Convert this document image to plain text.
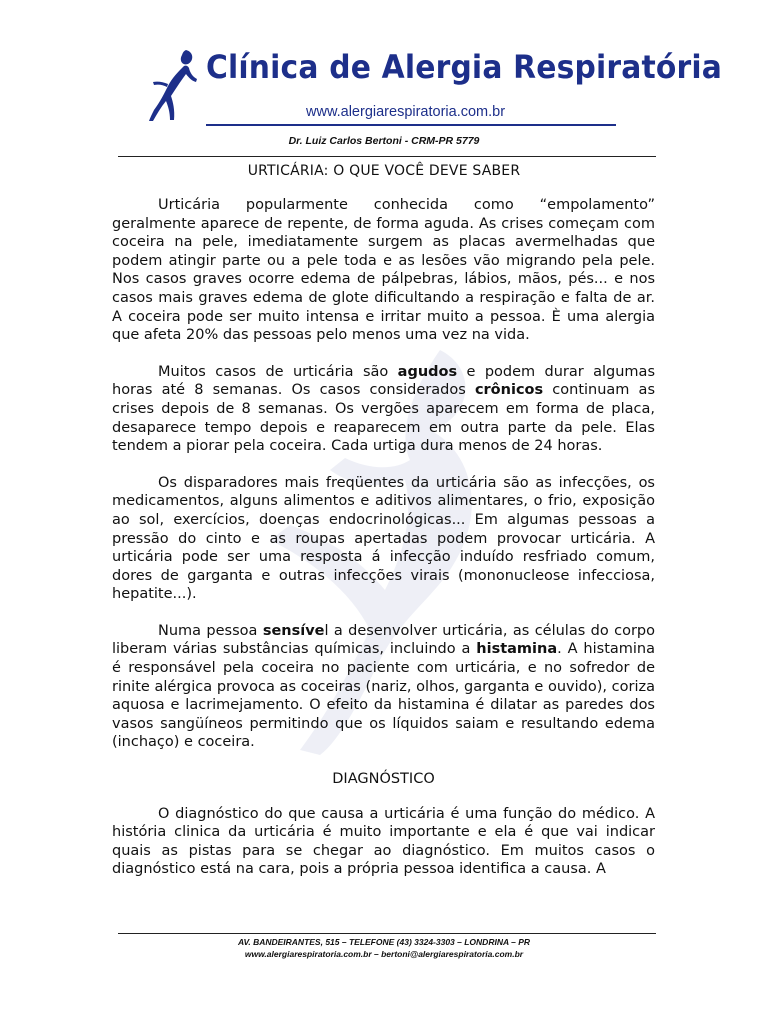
Clínica de Alergia Respiratória
www.alergiarespiratoria.com.br
Dr. Luiz Carlos Bertoni - CRM-PR 5779
URTICÁRIA: O QUE VOCÊ DEVE SABER

Urticária popularmente conhecida como “empolamento” geralmente aparece de repente, de forma aguda. As crises começam com coceira na pele, imediatamente surgem as placas avermelhadas que podem atingir parte ou a pele toda e as lesões vão migrando pela pele. Nos casos graves ocorre edema de pálpebras, lábios, mãos, pés... e nos casos mais graves edema de glote dificultando a respiração e falta de ar. A coceira pode ser muito intensa e irritar muito a pessoa. È uma alergia que afeta 20% das pessoas pelo menos uma vez na vida.

Muitos casos de urticária são agudos e podem durar algumas horas até 8 semanas. Os casos considerados crônicos continuam as crises depois de 8 semanas. Os vergões aparecem em forma de placa, desaparece tempo depois e reaparecem em outra parte da pele. Elas tendem a piorar pela coceira. Cada urtiga dura menos de 24 horas.

Os disparadores mais freqüentes da urticária são as infecções, os medicamentos, alguns alimentos e aditivos alimentares, o frio, exposição ao sol, exercícios, doenças endocrinológicas... Em algumas pessoas a pressão do cinto e as roupas apertadas podem provocar urticária. A urticária pode ser uma resposta á infecção induído resfriado comum, dores de garganta e outras infecções virais (mononucleose infecciosa, hepatite...).

Numa pessoa sensível a desenvolver urticária, as células do corpo liberam várias substâncias químicas, incluindo a histamina. A histamina é responsável pela coceira no paciente com urticária, e no sofredor de rinite alérgica provoca as coceiras (nariz, olhos, garganta e ouvido), coriza aquosa e lacrimejamento. O efeito da histamina é dilatar as paredes dos vasos sangüíneos permitindo que os líquidos saiam e resultando edema (inchaço) e coceira.

DIAGNÓSTICO

O diagnóstico do que causa a urticária é uma função do médico. A história clinica da urticária é muito importante e ela é que vai indicar quais as pistas para se chegar ao diagnóstico. Em muitos casos o diagnóstico está na cara, pois a própria pessoa identifica a causa. A

AV. BANDEIRANTES, 515 – TELEFONE (43) 3324-3303 – LONDRINA – PR
www.alergiarespiratoria.com.br – bertoni@alergiarespiratoria.com.br
